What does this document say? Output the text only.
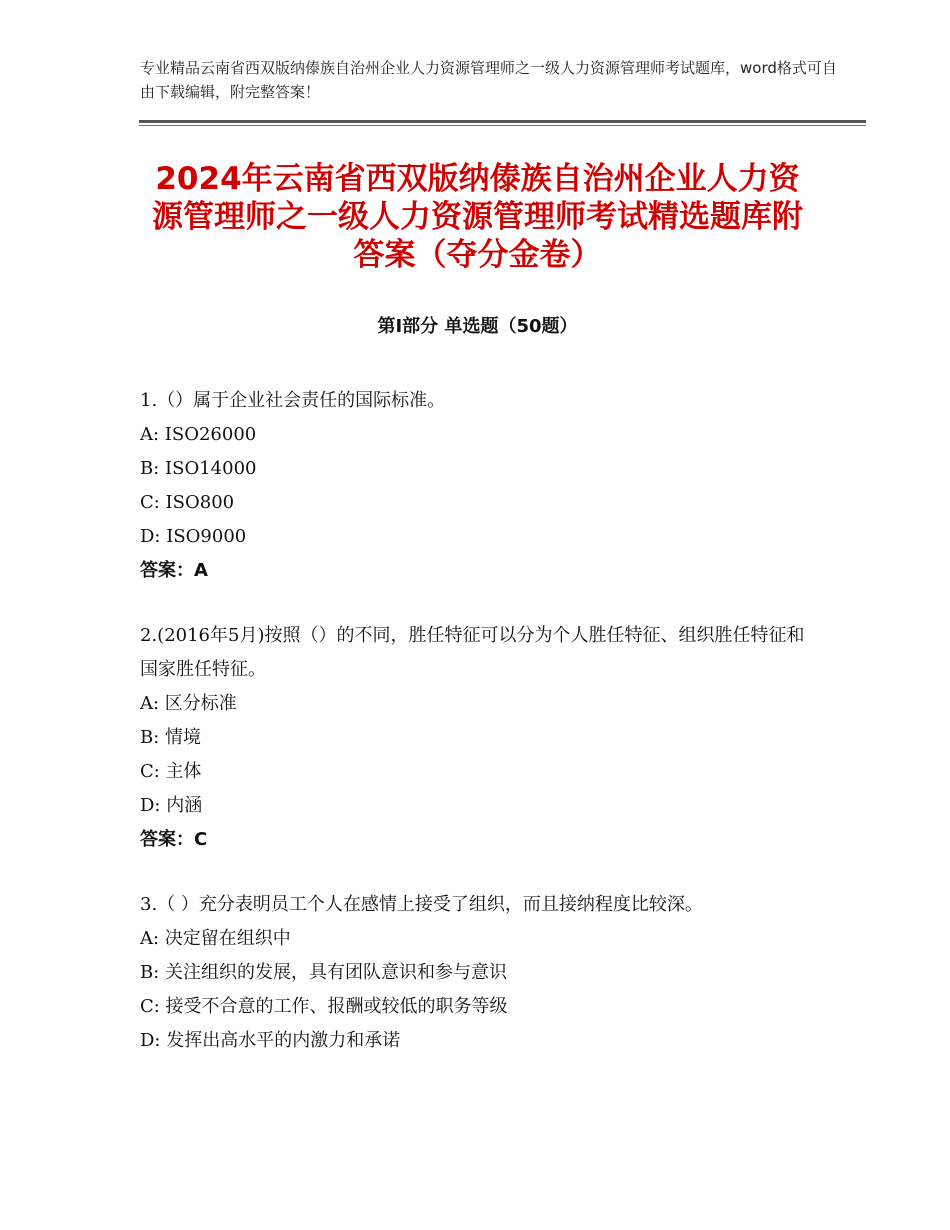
专业精品云南省西双版纳傣族自治州企业人力资源管理师之一级人力资源管理师考试题库，word格式可自由下载编辑，附完整答案！
2024年云南省西双版纳傣族自治州企业人力资源管理师之一级人力资源管理师考试精选题库附答案（夺分金卷）
第Ⅰ部分 单选题（50题）

1.（）属于企业社会责任的国际标准。

A: ISO26000

B: ISO14000

C: ISO800

D: ISO9000

答案：A

2.(2016年5月)按照（）的不同，胜任特征可以分为个人胜任特征、组织胜任特征和国家胜任特征。

A: 区分标准

B: 情境

C: 主体

D: 内涵

答案：C

3.（ ）充分表明员工个人在感情上接受了组织，而且接纳程度比较深。

A: 决定留在组织中

B: 关注组织的发展，具有团队意识和参与意识

C: 接受不合意的工作、报酬或较低的职务等级

D: 发挥出高水平的内激力和承诺
